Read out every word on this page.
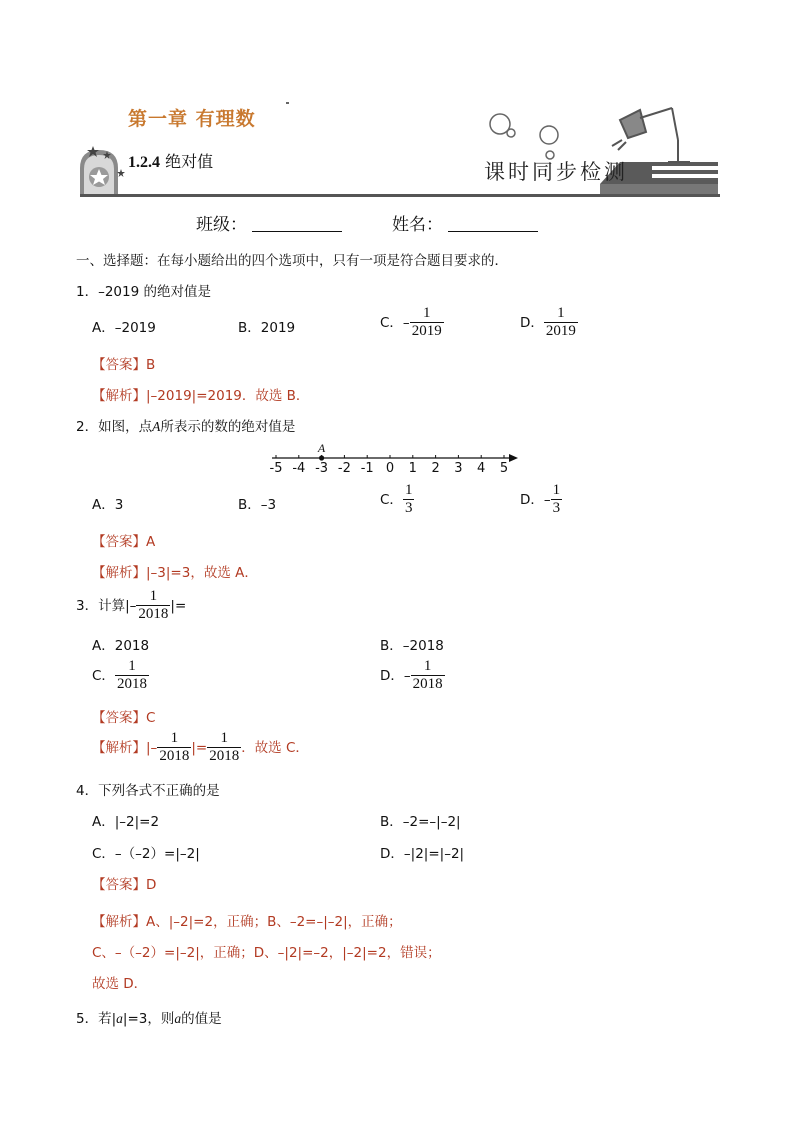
第一章 有理数
1.2.4 绝对值	课时同步检测
班级：	姓名：
一、选择题：在每小题给出的四个选项中，只有一项是符合题目要求的．
1．–2019 的绝对值是
A．–2019	B．2019	C．– $\frac{1}{2019}$	D． $\frac{1}{2019}$
【答案】B
【解析】|–2019|=2019．故选 B．
2．如图，点A所表示的数的绝对值是
-5 -4 -3 -2 -1 0 1 2 3 4 5
A
A．3	B．–3	C． $\frac{1}{3}$	D．– $\frac{1}{3}$
【答案】A
【解析】|–3|=3，故选 A．
3．计算|– $\frac{1}{2018}$ |=
A．2018	B．–2018
C． $\frac{1}{2018}$	D．– $\frac{1}{2018}$
【答案】C
【解析】|– $\frac{1}{2018}$ |= $\frac{1}{2018}$ ．故选 C．
4．下列各式不正确的是
A．|–2|=2	B．–2=–|–2|
C．–（–2）=|–2|	D．–|2|=|–2|
【答案】D
【解析】A、|–2|=2，正确；B、–2=–|–2|，正确；
C、–（–2）=|–2|，正确；D、–|2|=–2，|–2|=2，错误；
故选 D．
5．若|a|=3，则a的值是
